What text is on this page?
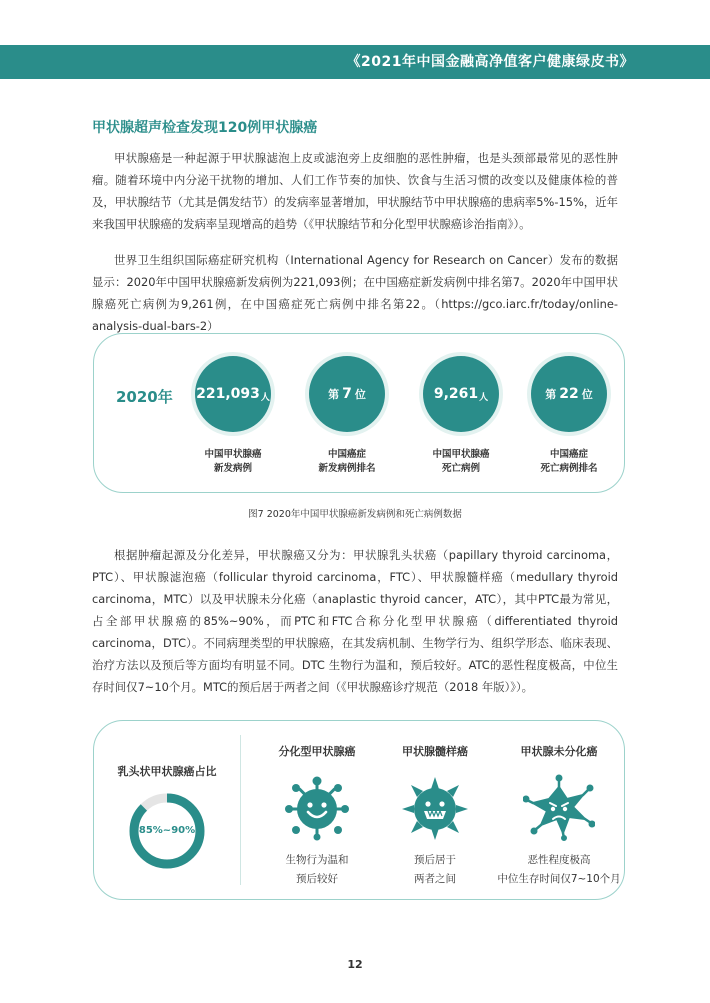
《2021年中国金融高净值客户健康绿皮书》
甲状腺超声检查发现120例甲状腺癌

甲状腺癌是一种起源于甲状腺滤泡上皮或滤泡旁上皮细胞的恶性肿瘤，也是头颈部最常见的恶性肿瘤。随着环境中内分泌干扰物的增加、人们工作节奏的加快、饮食与生活习惯的改变以及健康体检的普及，甲状腺结节（尤其是偶发结节）的发病率显著增加，甲状腺结节中甲状腺癌的患病率5%-15%，近年来我国甲状腺癌的发病率呈现增高的趋势（《甲状腺结节和分化型甲状腺癌诊治指南》）。

世界卫生组织国际癌症研究机构（International Agency for Research on Cancer）发布的数据显示：2020年中国甲状腺癌新发病例为221,093例；在中国癌症新发病例中排名第7。2020年中国甲状腺癌死亡病例为9,261例，在中国癌症死亡病例中排名第22。（https://gco.iarc.fr/today/online-analysis-dual-bars-2）

2020年 221,093 人
中国甲状腺癌
新发病例
第 7 位
中国癌症
新发病例排名
9,261 人
中国甲状腺癌
死亡病例
第 22 位
中国癌症
死亡病例排名
图7 2020年中国甲状腺癌新发病例和死亡病例数据

根据肿瘤起源及分化差异，甲状腺癌又分为：甲状腺乳头状癌（papillary thyroid carcinoma，PTC）、甲状腺滤泡癌（follicular thyroid carcinoma，FTC）、甲状腺髓样癌（medullary thyroid carcinoma，MTC）以及甲状腺未分化癌（anaplastic thyroid cancer，ATC），其中PTC最为常见，占全部甲状腺癌的85%~90%，而PTC和FTC合称分化型甲状腺癌（differentiated thyroid carcinoma，DTC）。不同病理类型的甲状腺癌，在其发病机制、生物学行为、组织学形态、临床表现、治疗方法以及预后等方面均有明显不同。DTC 生物行为温和，预后较好。ATC的恶性程度极高，中位生存时间仅7~10个月。MTC的预后居于两者之间（《甲状腺癌诊疗规范（2018 年版）》）。

乳头状甲状腺癌占比
85%~90%
分化型甲状腺癌
生物行为温和
预后较好
甲状腺髓样癌
预后居于
两者之间
甲状腺未分化癌
恶性程度极高
中位生存时间仅7~10个月
12
